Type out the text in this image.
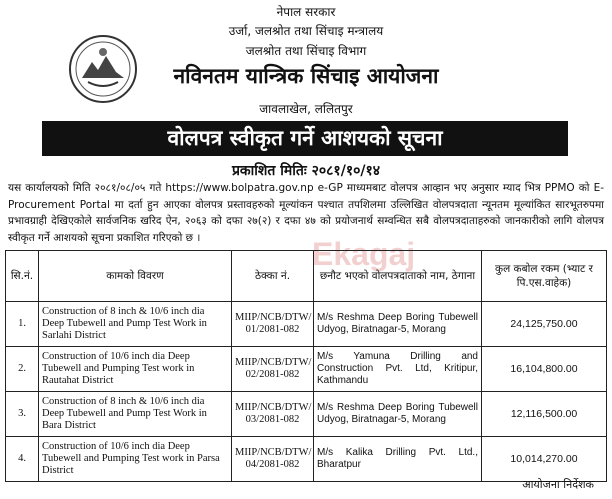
नेपाल सरकार
उर्जा, जलश्रोत तथा सिंचाइ मन्त्रालय
जलश्रोत तथा सिंचाइ विभाग
नविनतम यान्त्रिक सिंचाइ आयोजना
जावलाखेल, ललितपुर
वोलपत्र स्वीकृत गर्ने आशयको सूचना
प्रकाशित मितिः २०८१/१०/१४
यस कार्यालयको मिति २०८१/०८/०५ गते https://www.bolpatra.gov.np e-GP माध्यमबाट वोलपत्र आव्हान भए अनुसार म्याद भित्र PPMO को E-Procurement Portal मा दर्ता हुन आएका वोलपत्र प्रस्तावहरुको मूल्यांकन पश्चात तपशिलमा उल्लिखित वोलपत्रदाता न्यूनतम मूल्यांकित सारभूतरुपमा प्रभावग्राही देखिएकोले सार्वजनिक खरिद ऐन, २०६३ को दफा २७(२) र दफा ४७ को प्रयोजनार्थ सम्वन्धित सबै वोलपत्रदाताहरुको जानकारीको लागि वोलपत्र स्वीकृत गर्ने आशयको सूचना प्रकाशित गरिएको छ ।	Ekagaj
सि.नं.	कामको विवरण	ठेक्का नं.	छनौट भएको वोलपत्रदाताको नाम, ठेगाना	कुल कबोल रकम (भ्याट र पि.एस.वाहेक)
1.	Construction of 8 inch & 10/6 inch dia Deep Tubewell and Pump Test Work in Sarlahi District	MIIP/NCB/DTW/ 01/2081-082	M/s Reshma Deep Boring Tubewell Udyog, Biratnagar-5, Morang	24,125,750.00
2.	Construction of 10/6 inch dia Deep Tubewell and Pumping Test work in Rautahat District	MIIP/NCB/DTW/ 02/2081-082	M/s Yamuna Drilling and Construction Pvt. Ltd, Kritipur, Kathmandu	16,104,800.00
3.	Construction of 8 inch & 10/6 inch dia Deep Tubewell and Pump Test Work in Bara District	MIIP/NCB/DTW/ 03/2081-082	M/s Reshma Deep Boring Tubewell Udyog, Biratnagar-5, Morang	12,116,500.00
4.	Construction of 10/6 inch dia Deep Tubewell and Pumping Test work in Parsa District	MIIP/NCB/DTW/ 04/2081-082	M/s Kalika Drilling Pvt. Ltd., Bharatpur	10,014,270.00
आयोजना निर्देशक
